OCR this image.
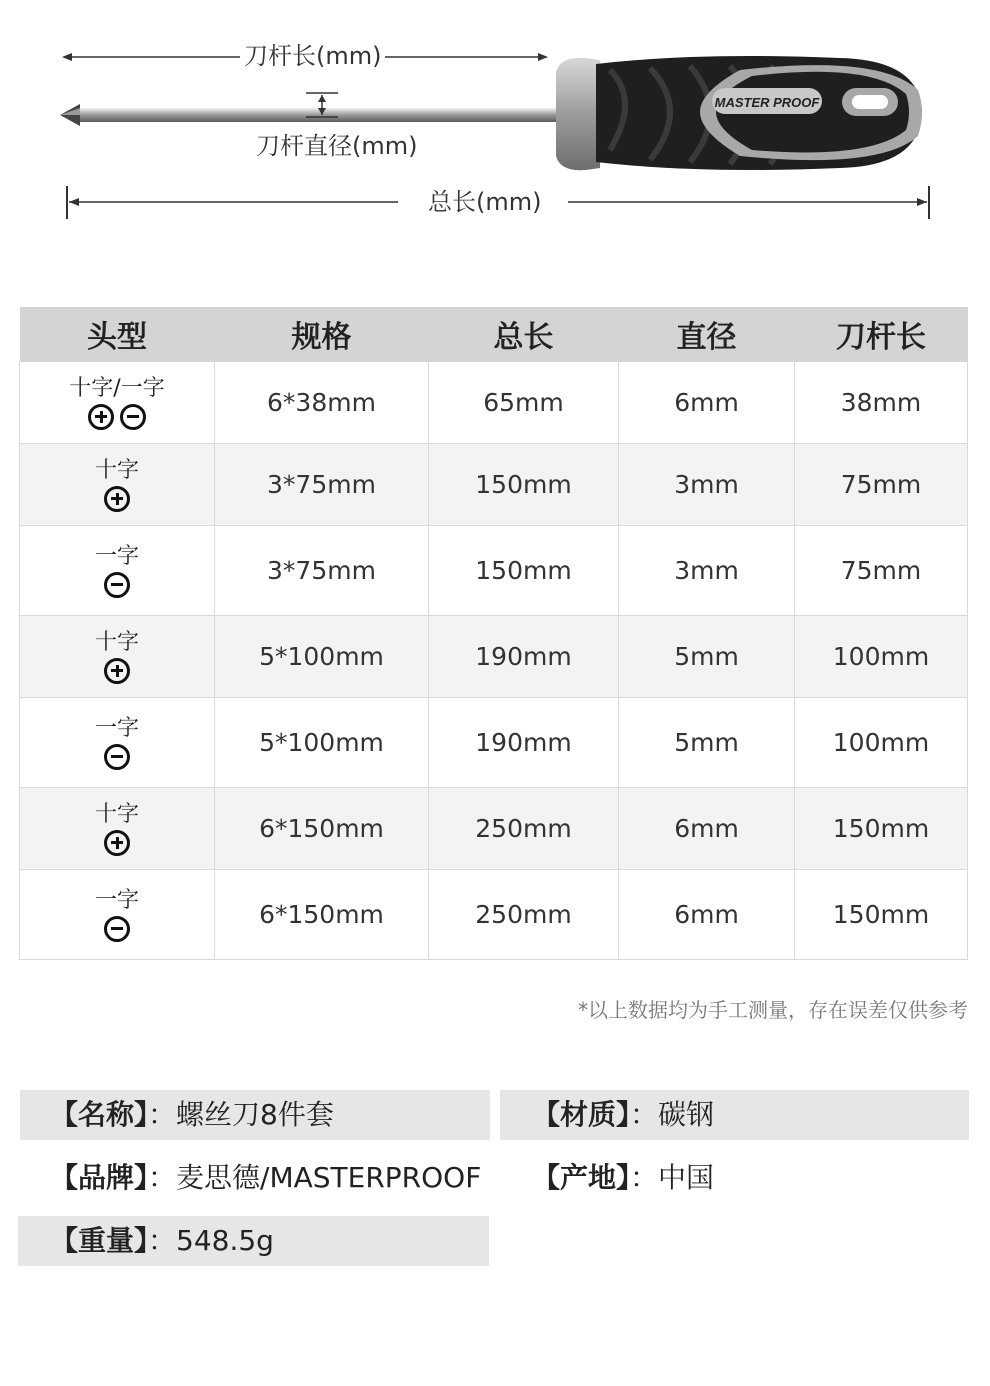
MASTER PROOF
刀杆长(mm)
刀杆直径(mm)
总长(mm)
头型	规格	总长	直径	刀杆长

十字/一字	6*38mm	65mm	6mm	38mm

十字	3*75mm	150mm	3mm	75mm

一字	3*75mm	150mm	3mm	75mm

十字	5*100mm	190mm	5mm	100mm

一字	5*100mm	190mm	5mm	100mm

十字	6*150mm	250mm	6mm	150mm

一字	6*150mm	250mm	6mm	150mm
*以上数据均为手工测量，存在误差仅供参考
【名称】：螺丝刀8件套	【材质】：碳钢
【品牌】：麦思德/MASTERPROOF 【产地】：中国
【重量】：548.5g
